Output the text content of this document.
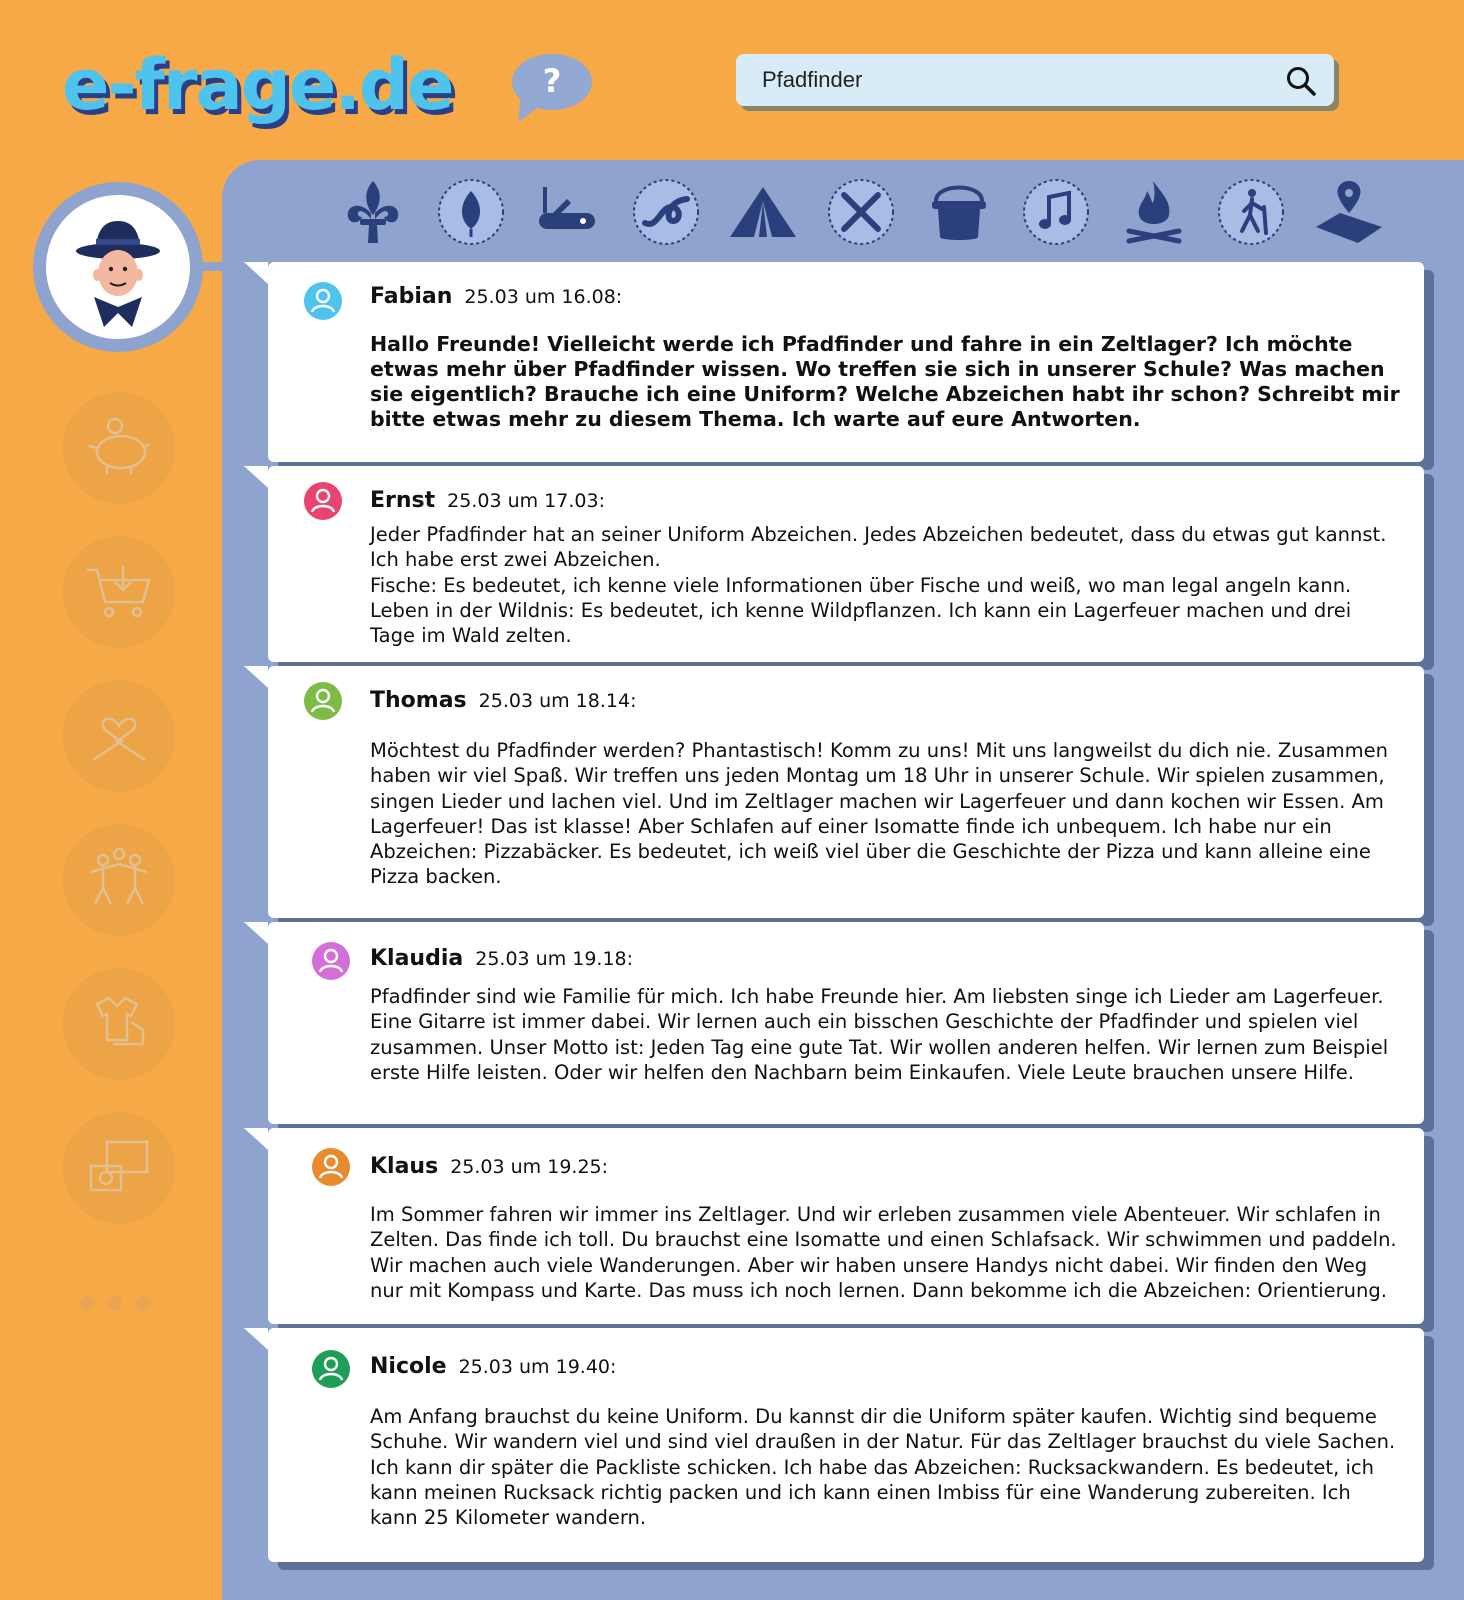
e-frage.de	?
Pfadfinder
Fabian 25.03 um 16.08:
Hallo Freunde! Vielleicht werde ich Pfadfinder und fahre in ein Zeltlager? Ich möchte etwas mehr über Pfadfinder wissen. Wo treffen sie sich in unserer Schule? Was machen sie eigentlich? Brauche ich eine Uniform? Welche Abzeichen habt ihr schon? Schreibt mir bitte etwas mehr zu diesem Thema. Ich warte auf eure Antworten.
Ernst 25.03 um 17.03:

Jeder Pfadfinder hat an seiner Uniform Abzeichen. Jedes Abzeichen bedeutet, dass du etwas gut kannst. Ich habe erst zwei Abzeichen.

Fische: Es bedeutet, ich kenne viele Informationen über Fische und weiß, wo man legal angeln kann.

Leben in der Wildnis: Es bedeutet, ich kenne Wildpflanzen. Ich kann ein Lagerfeuer machen und drei Tage im Wald zelten.

Thomas 25.03 um 18.14:
Möchtest du Pfadfinder werden? Phantastisch! Komm zu uns! Mit uns langweilst du dich nie. Zusammen haben wir viel Spaß. Wir treffen uns jeden Montag um 18 Uhr in unserer Schule. Wir spielen zusammen, singen Lieder und lachen viel. Und im Zeltlager machen wir Lagerfeuer und dann kochen wir Essen. Am Lagerfeuer! Das ist klasse! Aber Schlafen auf einer Isomatte finde ich unbequem. Ich habe nur ein Abzeichen: Pizzabäcker. Es bedeutet, ich weiß viel über die Geschichte der Pizza und kann alleine eine Pizza backen.
Klaudia 25.03 um 19.18:
Pfadfinder sind wie Familie für mich. Ich habe Freunde hier. Am liebsten singe ich Lieder am Lagerfeuer. Eine Gitarre ist immer dabei. Wir lernen auch ein bisschen Geschichte der Pfadfinder und spielen viel zusammen. Unser Motto ist: Jeden Tag eine gute Tat. Wir wollen anderen helfen. Wir lernen zum Beispiel erste Hilfe leisten. Oder wir helfen den Nachbarn beim Einkaufen. Viele Leute brauchen unsere Hilfe.
Klaus 25.03 um 19.25:
Im Sommer fahren wir immer ins Zeltlager. Und wir erleben zusammen viele Abenteuer. Wir schlafen in Zelten. Das finde ich toll. Du brauchst eine Isomatte und einen Schlafsack. Wir schwimmen und paddeln. Wir machen auch viele Wanderungen. Aber wir haben unsere Handys nicht dabei. Wir finden den Weg nur mit Kompass und Karte. Das muss ich noch lernen. Dann bekomme ich die Abzeichen: Orientierung.
Nicole 25.03 um 19.40:
Am Anfang brauchst du keine Uniform. Du kannst dir die Uniform später kaufen. Wichtig sind bequeme Schuhe. Wir wandern viel und sind viel draußen in der Natur. Für das Zeltlager brauchst du viele Sachen. Ich kann dir später die Packliste schicken. Ich habe das Abzeichen: Rucksackwandern. Es bedeutet, ich kann meinen Rucksack richtig packen und ich kann einen Imbiss für eine Wanderung zubereiten. Ich kann 25 Kilometer wandern.
